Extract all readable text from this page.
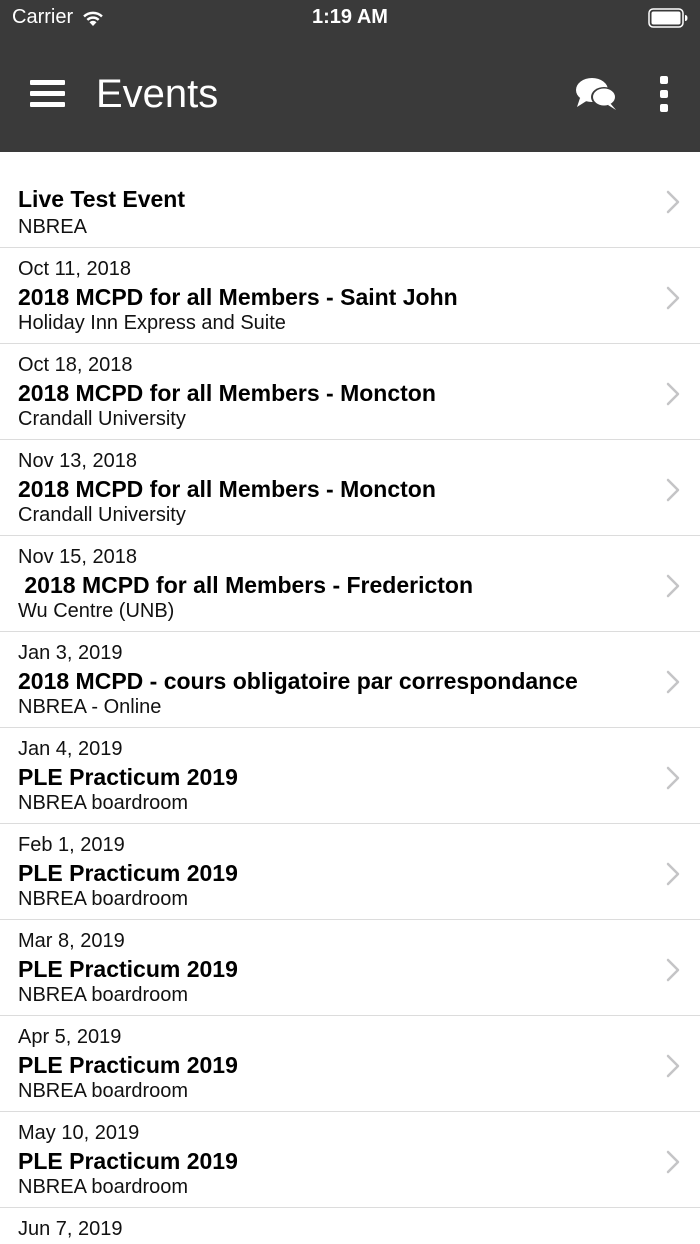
Carrier	1:19 AM
Events
Live Test Event
NBREA
Oct 11, 2018
2018 MCPD for all Members - Saint John
Holiday Inn Express and Suite
Oct 18, 2018
2018 MCPD for all Members - Moncton
Crandall University
Nov 13, 2018
2018 MCPD for all Members - Moncton
Crandall University
Nov 15, 2018
2018 MCPD for all Members - Fredericton
Wu Centre (UNB)
Jan 3, 2019
2018 MCPD - cours obligatoire par correspondance
NBREA - Online
Jan 4, 2019
PLE Practicum 2019
NBREA boardroom
Feb 1, 2019
PLE Practicum 2019
NBREA boardroom
Mar 8, 2019
PLE Practicum 2019
NBREA boardroom
Apr 5, 2019
PLE Practicum 2019
NBREA boardroom
May 10, 2019
PLE Practicum 2019
NBREA boardroom
Jun 7, 2019
